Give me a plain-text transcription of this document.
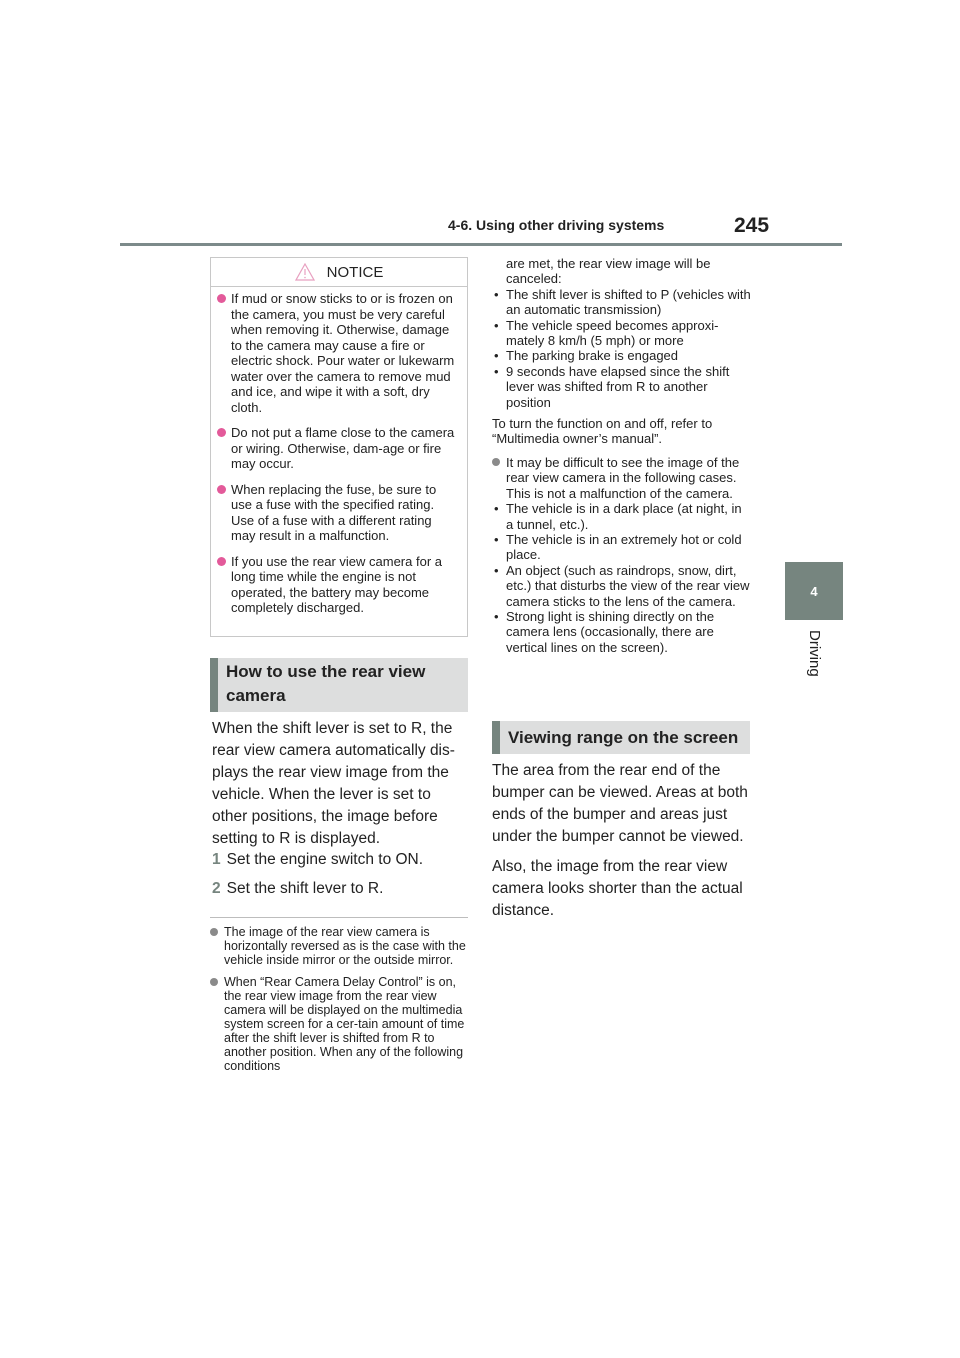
4-6. Using other driving systems	245
4
Driving
NOTICE
If mud or snow sticks to or is frozen on the camera, you must be very careful when removing it. Otherwise, damage to the camera may cause a fire or electric shock. Pour water or lukewarm water over the camera to remove mud and ice, and wipe it with a soft, dry cloth.
Do not put a flame close to the camera or wiring. Otherwise, dam-age or fire may occur.
When replacing the fuse, be sure to use a fuse with the specified rating. Use of a fuse with a different rating may result in a malfunction.
If you use the rear view camera for a long time while the engine is not operated, the battery may become completely discharged.
How to use the rear view camera
When the shift lever is set to R, the rear view camera automatically dis-plays the rear view image from the vehicle. When the lever is set to other positions, the image before setting to R is displayed.
1 Set the engine switch to ON.
2 Set the shift lever to R.
The image of the rear view camera is horizontally reversed as is the case with the vehicle inside mirror or the outside mirror.
When “Rear Camera Delay Control” is on, the rear view image from the rear view camera will be displayed on the multimedia system screen for a cer-tain amount of time after the shift lever is shifted from R to another position. When any of the following conditions
are met, the rear view image will be canceled:
• The shift lever is shifted to P (vehicles with an automatic transmission)
• The vehicle speed becomes approxi-mately 8 km/h (5 mph) or more
• The parking brake is engaged
• 9 seconds have elapsed since the shift lever was shifted from R to another position
To turn the function on and off, refer to “Multimedia owner’s manual”.
It may be difficult to see the image of the rear view camera in the following cases. This is not a malfunction of the camera.
• The vehicle is in a dark place (at night, in a tunnel, etc.).
• The vehicle is in an extremely hot or cold place.
• An object (such as raindrops, snow, dirt, etc.) that disturbs the view of the rear view camera sticks to the lens of the camera.
• Strong light is shining directly on the camera lens (occasionally, there are vertical lines on the screen).
Viewing range on the screen
The area from the rear end of the bumper can be viewed. Areas at both ends of the bumper and areas just under the bumper cannot be viewed.
Also, the image from the rear view camera looks shorter than the actual distance.
